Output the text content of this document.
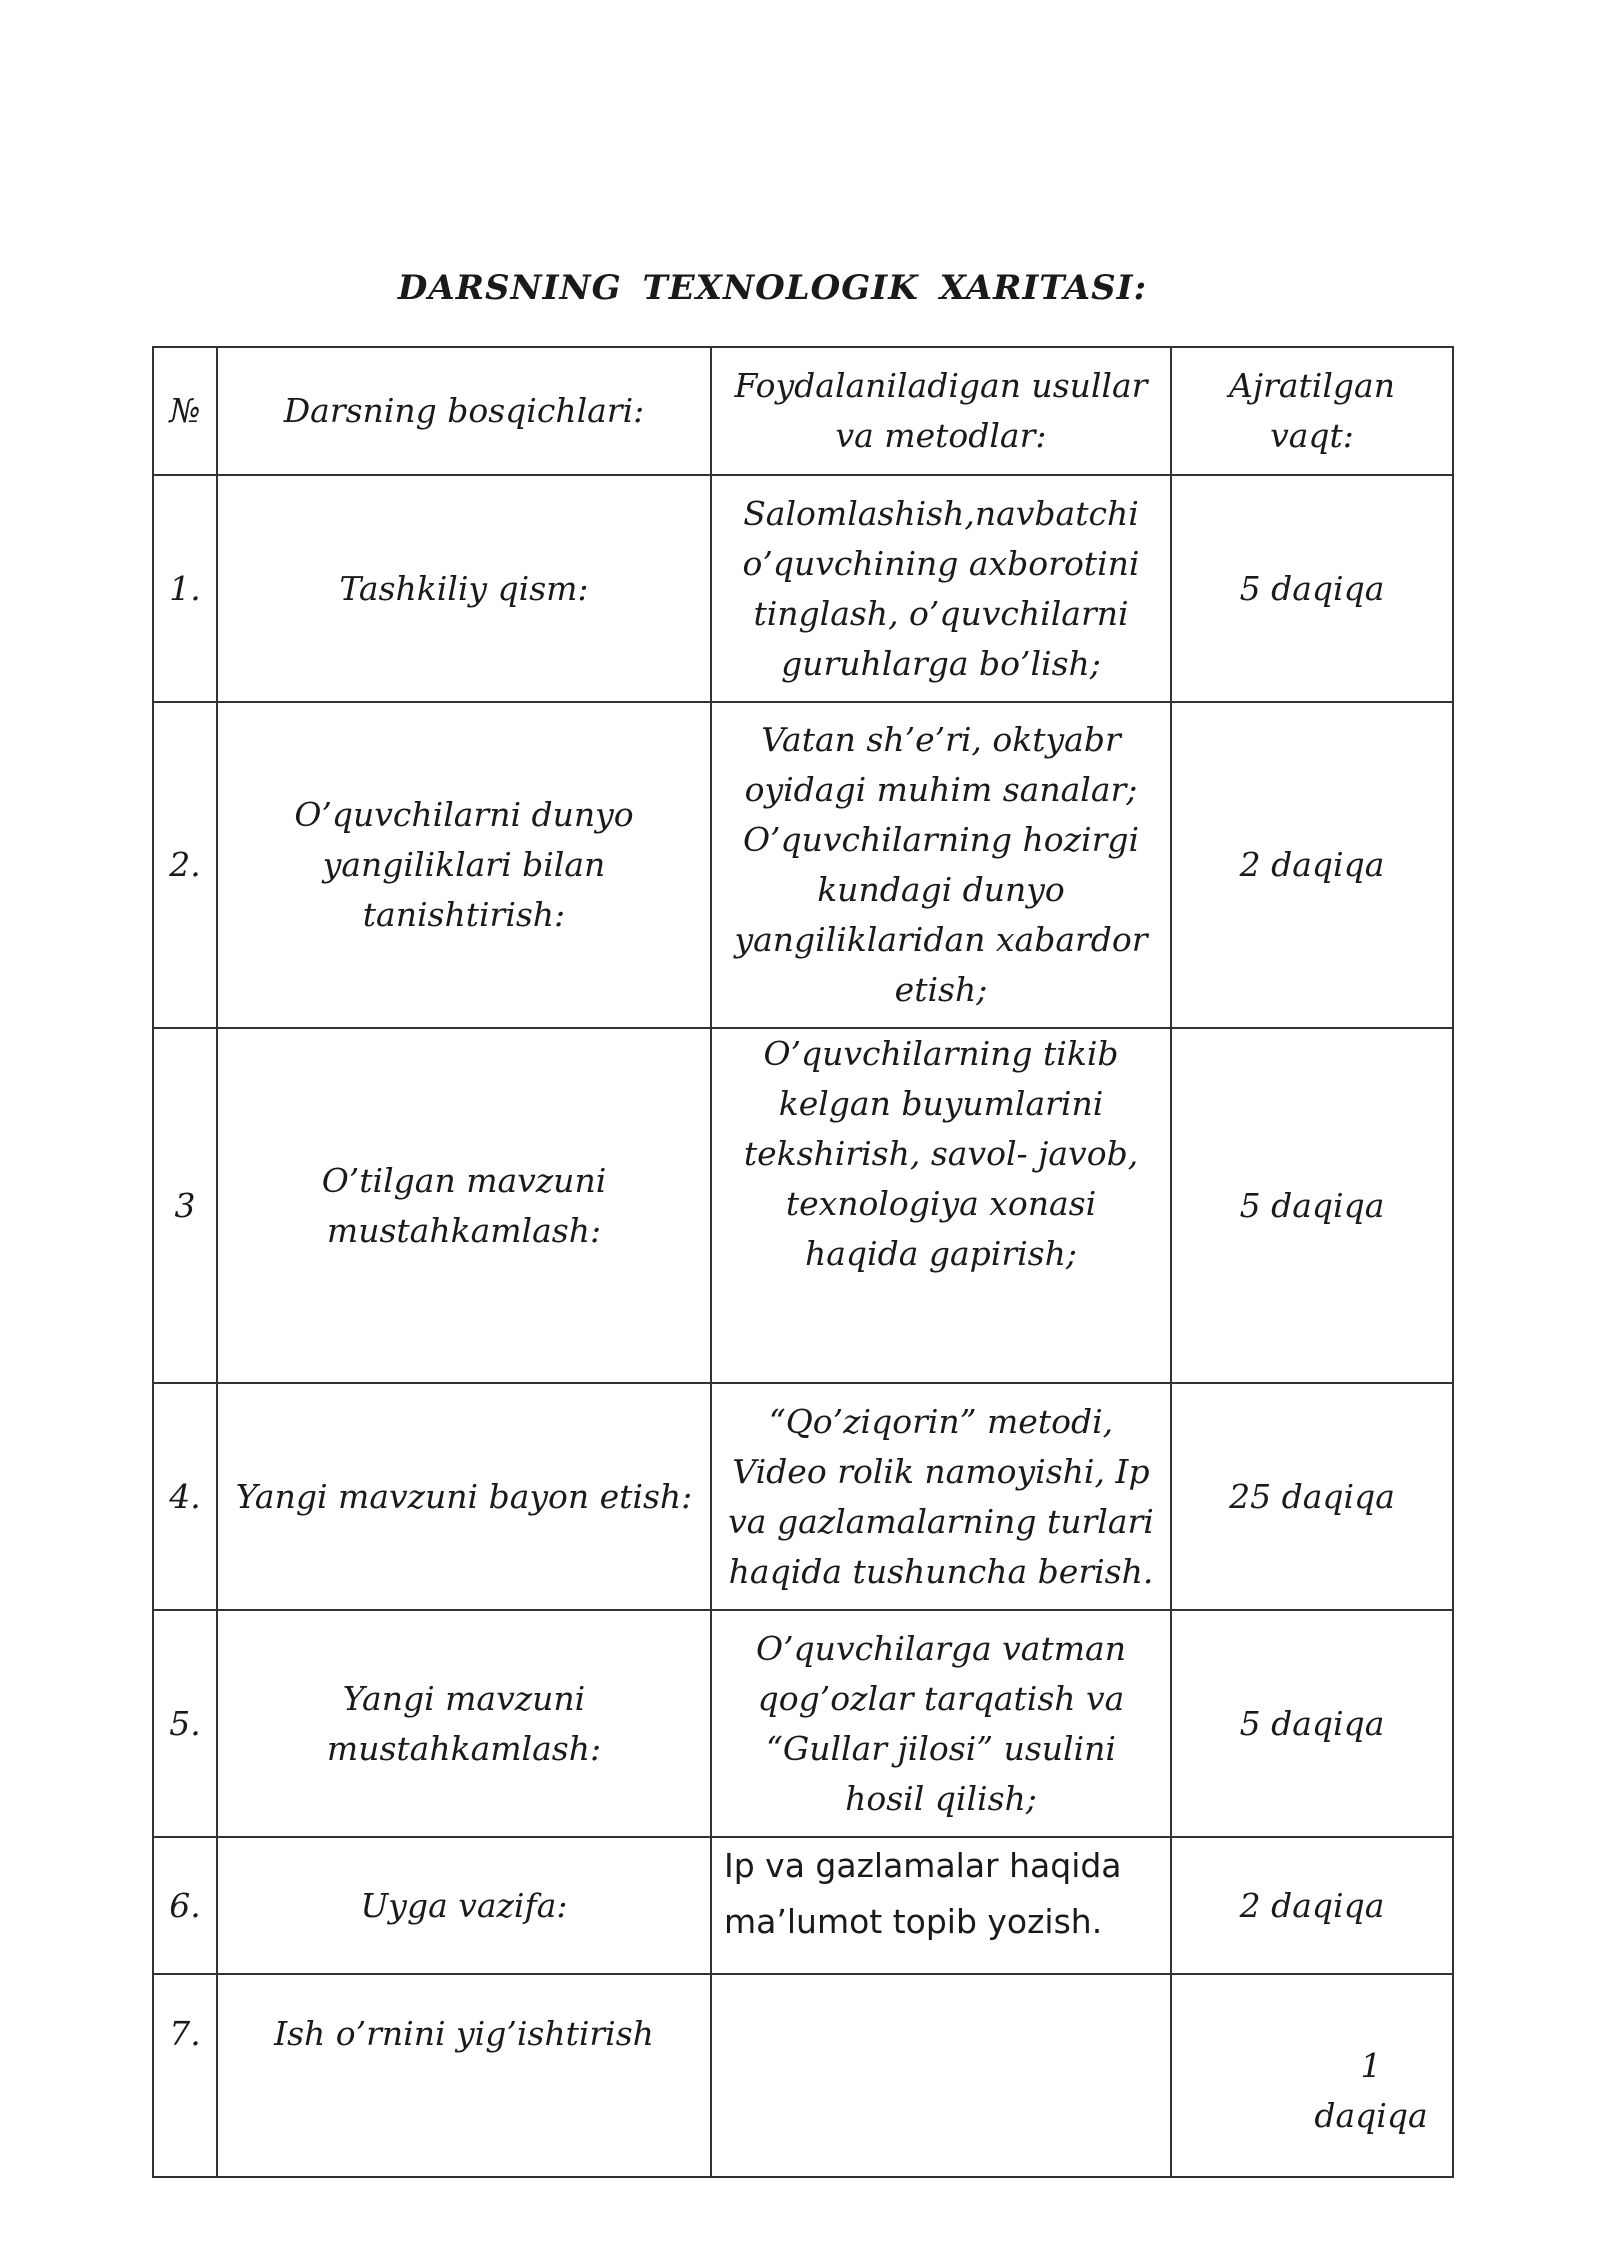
DARSNING TEXNOLOGIK XARITASI:
№	Darsning bosqichlari:	Foydalaniladigan usullar va metodlar:	Ajratilgan vaqt:
1.	Tashkiliy qism:	Salomlashish,navbatchi o’quvchining axborotini tinglash, o’quvchilarni guruhlarga bo’lish;	5 daqiqa
2.	O’quvchilarni dunyo yangiliklari bilan tanishtirish:	Vatan sh’e’ri, oktyabr oyidagi muhim sanalar; O’quvchilarning hozirgi kundagi dunyo yangiliklaridan xabardor etish;	2 daqiqa
3	O’tilgan mavzuni mustahkamlash:	O’quvchilarning tikib kelgan buyumlarini tekshirish, savol- javob, texnologiya xonasi haqida gapirish;	5 daqiqa
4.	Yangi mavzuni bayon etish:	“Qo’ziqorin” metodi, Video rolik namoyishi, Ip va gazlamalarning turlari haqida tushuncha berish.	25 daqiqa
5.	Yangi mavzuni mustahkamlash:	O’quvchilarga vatman qog’ozlar tarqatish va “Gullar jilosi” usulini hosil qilish;	5 daqiqa
6.	Uyga vazifa:	Ip va gazlamalar haqida ma’lumot topib yozish.	2 daqiqa
7.	Ish o’rnini yig’ishtirish		1 daqiqa
